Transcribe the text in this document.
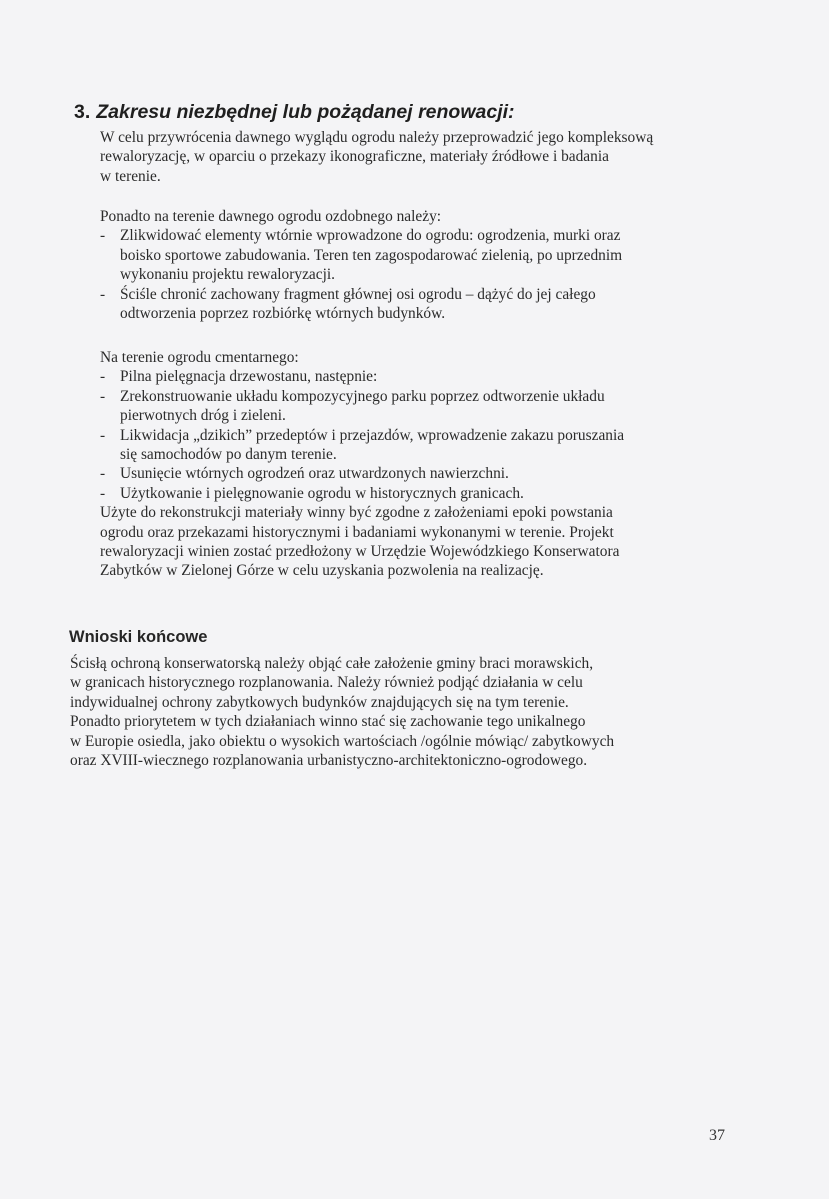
3. Zakresu niezbędnej lub pożądanej renowacji:
W celu przywrócenia dawnego wyglądu ogrodu należy przeprowadzić jego kompleksową
rewaloryzację, w oparciu o przekazy ikonograficzne, materiały źródłowe i badania
w terenie.
Ponadto na terenie dawnego ogrodu ozdobnego należy:
- Zlikwidować elementy wtórnie wprowadzone do ogrodu: ogrodzenia, murki oraz
boisko sportowe zabudowania. Teren ten zagospodarować zielenią, po uprzednim
wykonaniu projektu rewaloryzacji.
- Ściśle chronić zachowany fragment głównej osi ogrodu – dążyć do jej całego
odtworzenia poprzez rozbiórkę wtórnych budynków.
Na terenie ogrodu cmentarnego:
- Pilna pielęgnacja drzewostanu, następnie:
- Zrekonstruowanie układu kompozycyjnego parku poprzez odtworzenie układu
pierwotnych dróg i zieleni.
- Likwidacja „dzikich” przedeptów i przejazdów, wprowadzenie zakazu poruszania
się samochodów po danym terenie.
- Usunięcie wtórnych ogrodzeń oraz utwardzonych nawierzchni.
- Użytkowanie i pielęgnowanie ogrodu w historycznych granicach.
Użyte do rekonstrukcji materiały winny być zgodne z założeniami epoki powstania
ogrodu oraz przekazami historycznymi i badaniami wykonanymi w terenie. Projekt
rewaloryzacji winien zostać przedłożony w Urzędzie Wojewódzkiego Konserwatora
Zabytków w Zielonej Górze w celu uzyskania pozwolenia na realizację.
Wnioski końcowe
Ścisłą ochroną konserwatorską należy objąć całe założenie gminy braci morawskich,
w granicach historycznego rozplanowania. Należy również podjąć działania w celu
indywidualnej ochrony zabytkowych budynków znajdujących się na tym terenie.
Ponadto priorytetem w tych działaniach winno stać się zachowanie tego unikalnego
w Europie osiedla, jako obiektu o wysokich wartościach /ogólnie mówiąc/ zabytkowych
oraz XVIII-wiecznego rozplanowania urbanistyczno-architektoniczno-ogrodowego.
37
